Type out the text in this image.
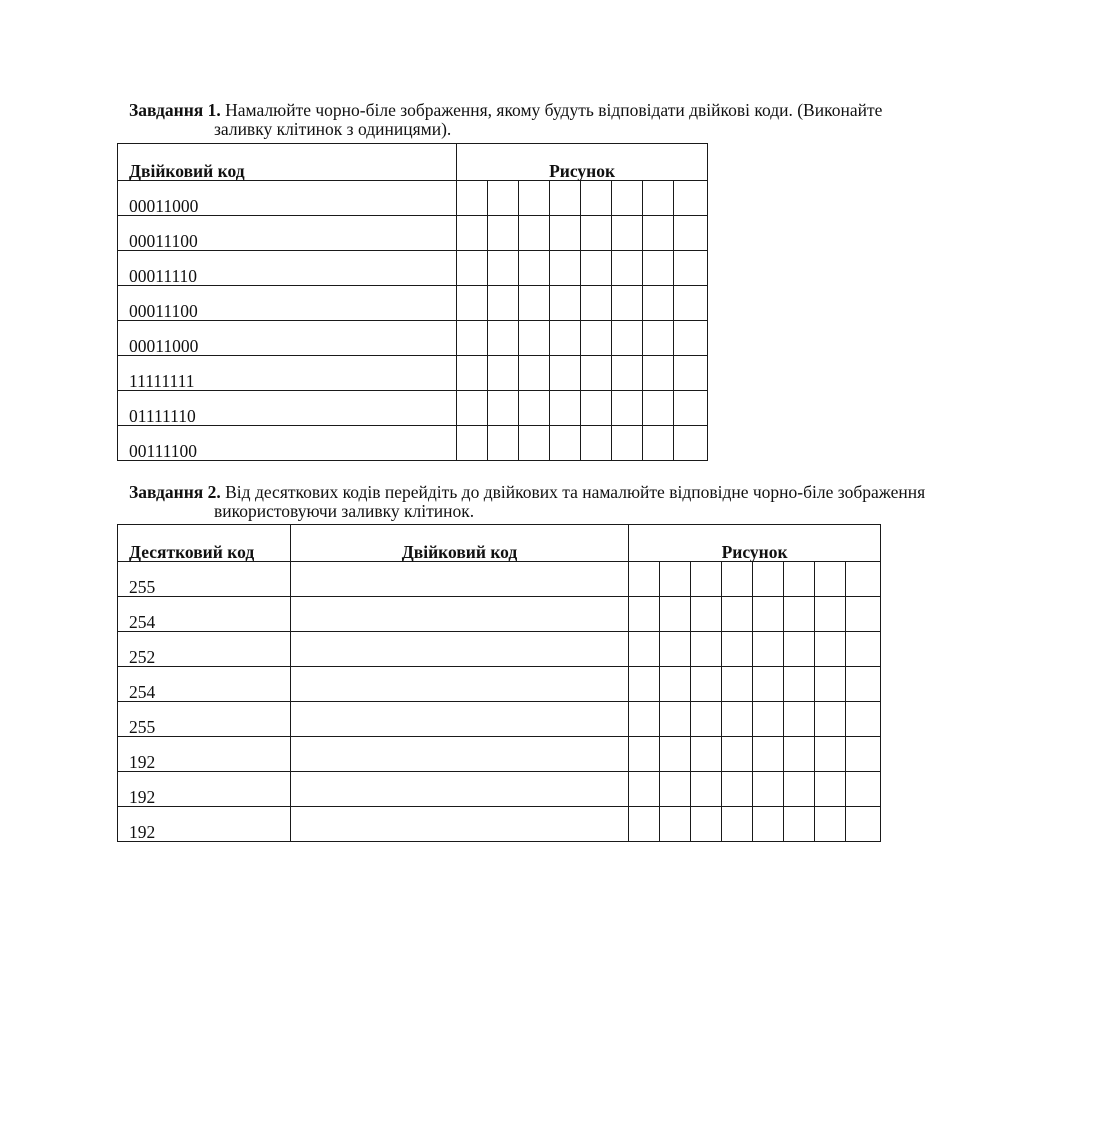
Завдання 1. Намалюйте чорно-біле зображення, якому будуть відповідати двійкові коди. (Виконайте
заливку клітинок з одиницями).
Двійковий код	Рисунок							
00011000								
00011100								
00011110								
00011100								
00011000								
11111111								
01111110								
00111100								
Завдання 2. Від десяткових кодів перейдіть до двійкових та намалюйте відповідне чорно-біле зображення
використовуючи заливку клітинок.
Десятковий код	Двійковий код	Рисунок							
255									
254									
252									
254									
255									
192									
192									
192									
